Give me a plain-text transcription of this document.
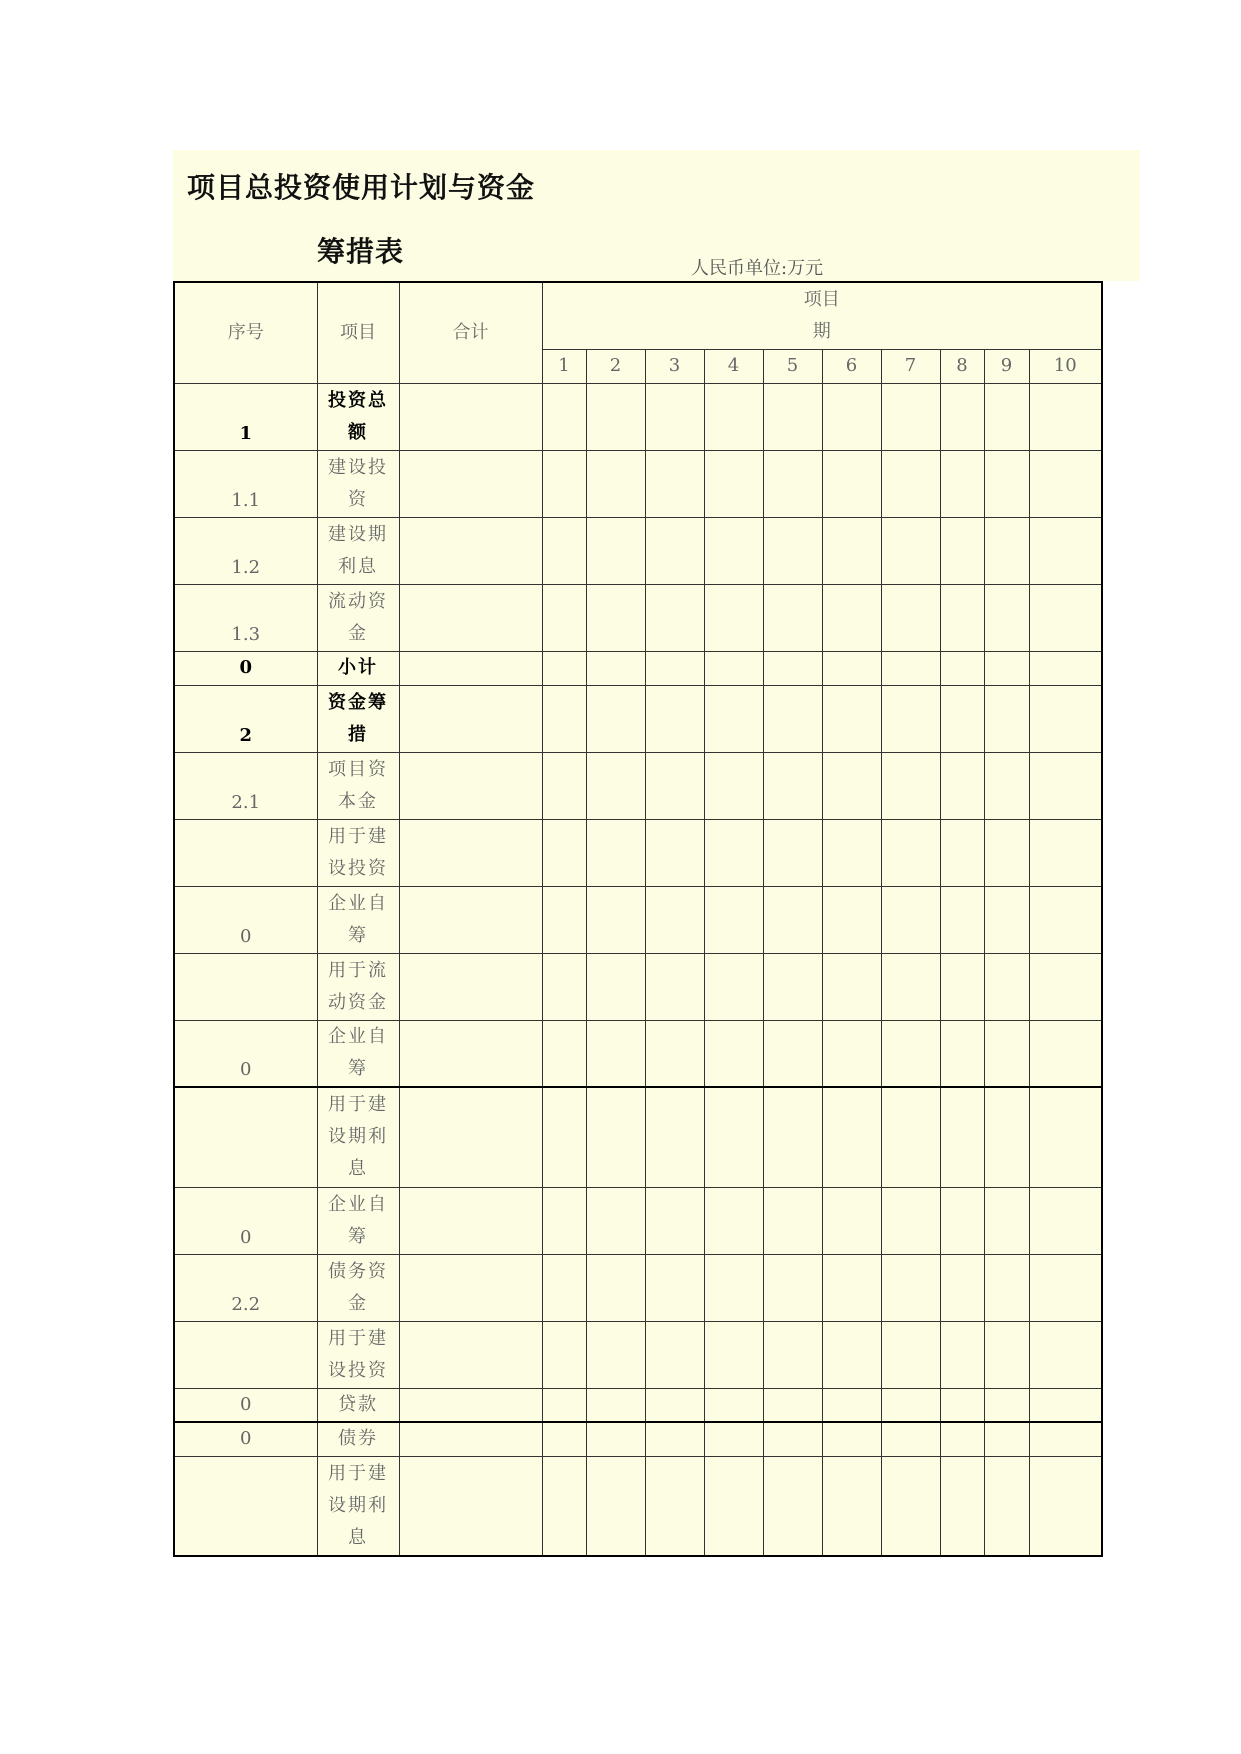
项目总投资使用计划与资金
筹措表
人民币单位:万元
序号	项目	合计	项目
期									

			1	2	3	4	5	6	7	8	9	10
1	投资总
额											

1.1	建设投
资											

1.2	建设期
利息											

1.3	流动资
金											

0	小计											

2	资金筹
措											

2.1	项目资
本金											

	用于建
设投资											

0	企业自
筹											

	用于流
动资金											

0	企业自
筹											

	用于建
设期利
息											

0	企业自
筹											

2.2	债务资
金											

	用于建
设投资											

0	贷款											

0	债券											

	用于建
设期利
息											
